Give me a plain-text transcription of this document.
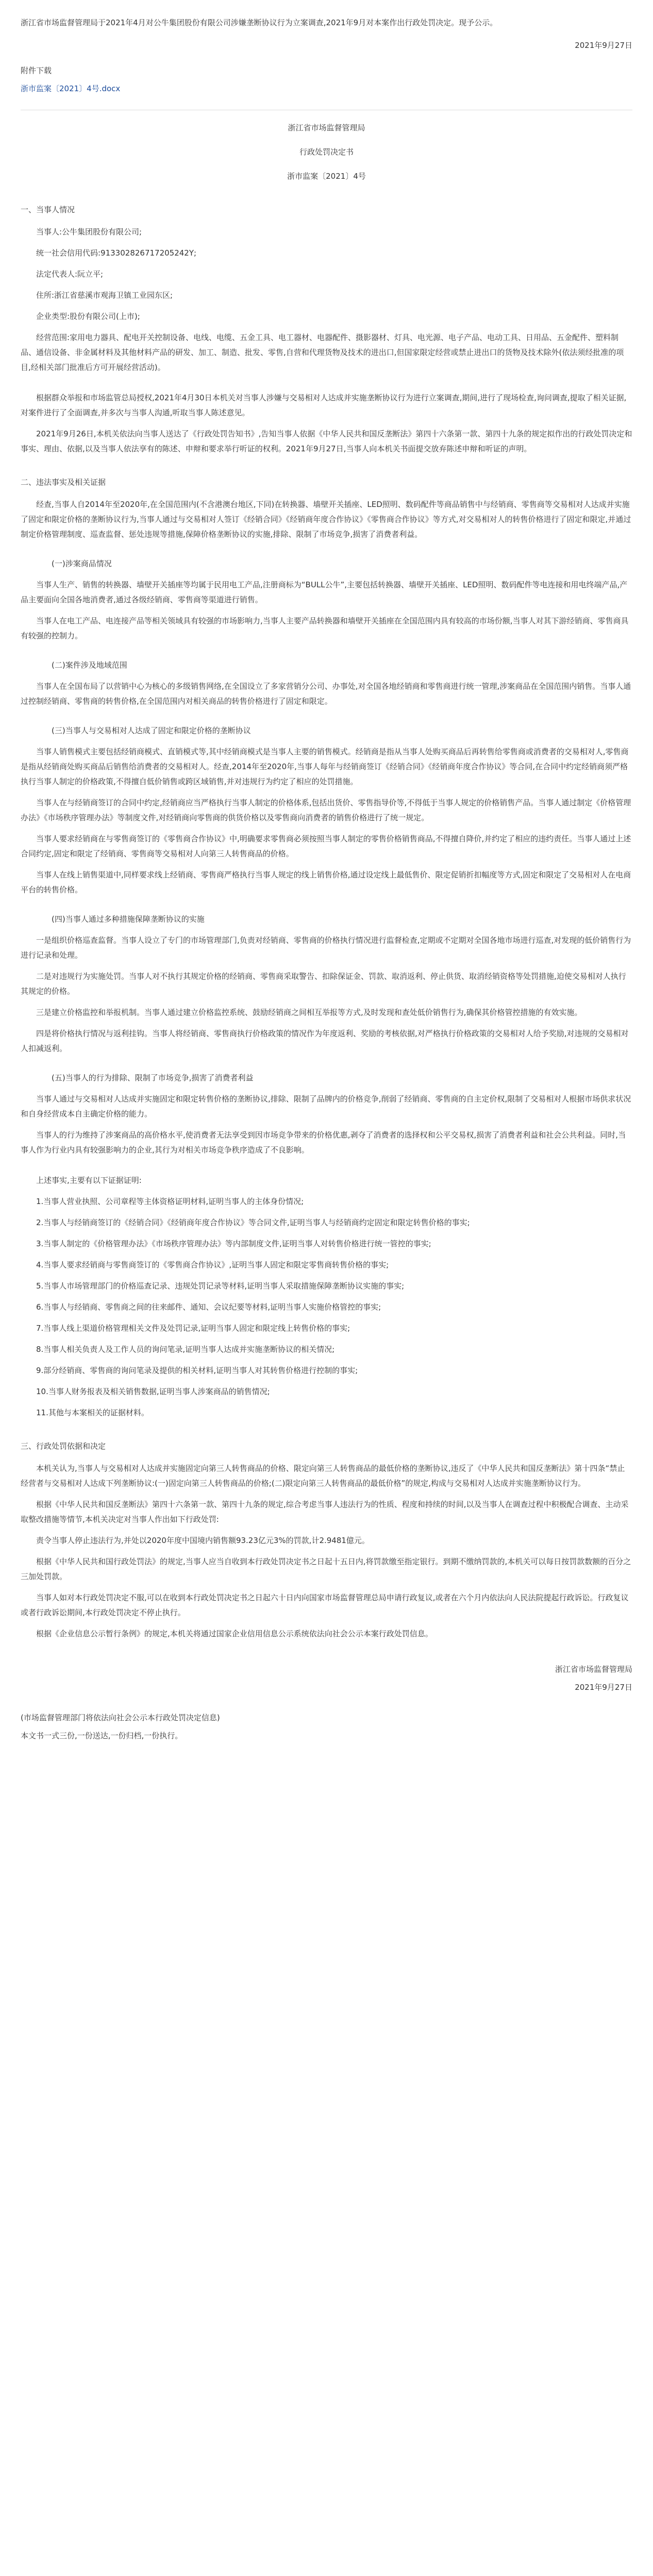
浙江省市场监督管理局于2021年4月对公牛集团股份有限公司涉嫌垄断协议行为立案调查,2021年9月对本案作出行政处罚决定。现予公示。

2021年9月27日
附件下载
浙市监案〔2021〕4号.docx
浙江省市场监督管理局
行政处罚决定书
浙市监案〔2021〕4号
一、当事人情况

当事人:公牛集团股份有限公司;

统一社会信用代码:913302826717205242Y;

法定代表人:阮立平;

住所:浙江省慈溪市观海卫镇工业园东区;

企业类型:股份有限公司(上市);

经营范围:家用电力器具、配电开关控制设备、电线、电缆、五金工具、电工器材、电器配件、摄影器材、灯具、电光源、电子产品、电动工具、日用品、五金配件、塑料制品、通信设备、非金属材料及其他材料产品的研发、加工、制造、批发、零售,自营和代理货物及技术的进出口,但国家限定经营或禁止进出口的货物及技术除外(依法须经批准的项目,经相关部门批准后方可开展经营活动)。

根据群众举报和市场监管总局授权,2021年4月30日本机关对当事人涉嫌与交易相对人达成并实施垄断协议行为进行立案调查,期间,进行了现场检查,询问调查,提取了相关证据,对案件进行了全面调查,并多次与当事人沟通,听取当事人陈述意见。

2021年9月26日,本机关依法向当事人送达了《行政处罚告知书》,告知当事人依据《中华人民共和国反垄断法》第四十六条第一款、第四十九条的规定拟作出的行政处罚决定和事实、理由、依据,以及当事人依法享有的陈述、申辩和要求举行听证的权利。2021年9月27日,当事人向本机关书面提交放弃陈述申辩和听证的声明。

二、违法事实及相关证据

经查,当事人自2014年至2020年,在全国范围内(不含港澳台地区,下同)在转换器、墙壁开关插座、LED照明、数码配件等商品销售中与经销商、零售商等交易相对人达成并实施了固定和限定价格的垄断协议行为,当事人通过与交易相对人签订《经销合同》《经销商年度合作协议》《零售商合作协议》等方式,对交易相对人的转售价格进行了固定和限定,并通过制定价格管理制度、巡查监督、惩处违规等措施,保障价格垄断协议的实施,排除、限制了市场竞争,损害了消费者利益。

(一)涉案商品情况

当事人生产、销售的转换器、墙壁开关插座等均属于民用电工产品,注册商标为“BULL公牛”,主要包括转换器、墙壁开关插座、LED照明、数码配件等电连接和用电终端产品,产品主要面向全国各地消费者,通过各级经销商、零售商等渠道进行销售。

当事人在电工产品、电连接产品等相关领域具有较强的市场影响力,当事人主要产品转换器和墙壁开关插座在全国范围内具有较高的市场份额,当事人对其下游经销商、零售商具有较强的控制力。

(二)案件涉及地域范围

当事人在全国布局了以营销中心为核心的多级销售网络,在全国设立了多家营销分公司、办事处,对全国各地经销商和零售商进行统一管理,涉案商品在全国范围内销售。当事人通过控制经销商、零售商的转售价格,在全国范围内对相关商品的转售价格进行了固定和限定。

(三)当事人与交易相对人达成了固定和限定价格的垄断协议

当事人销售模式主要包括经销商模式、直销模式等,其中经销商模式是当事人主要的销售模式。经销商是指从当事人处购买商品后再转售给零售商或消费者的交易相对人,零售商是指从经销商处购买商品后销售给消费者的交易相对人。经查,2014年至2020年,当事人每年与经销商签订《经销合同》《经销商年度合作协议》等合同,在合同中约定经销商须严格执行当事人制定的价格政策,不得擅自低价销售或跨区域销售,并对违规行为约定了相应的处罚措施。

当事人在与经销商签订的合同中约定,经销商应当严格执行当事人制定的价格体系,包括出货价、零售指导价等,不得低于当事人规定的价格销售产品。当事人通过制定《价格管理办法》《市场秩序管理办法》等制度文件,对经销商向零售商的供货价格以及零售商向消费者的销售价格进行了统一规定。

当事人要求经销商在与零售商签订的《零售商合作协议》中,明确要求零售商必须按照当事人制定的零售价格销售商品,不得擅自降价,并约定了相应的违约责任。当事人通过上述合同约定,固定和限定了经销商、零售商等交易相对人向第三人转售商品的价格。

当事人在线上销售渠道中,同样要求线上经销商、零售商严格执行当事人规定的线上销售价格,通过设定线上最低售价、限定促销折扣幅度等方式,固定和限定了交易相对人在电商平台的转售价格。

(四)当事人通过多种措施保障垄断协议的实施

一是组织价格巡查监督。当事人设立了专门的市场管理部门,负责对经销商、零售商的价格执行情况进行监督检查,定期或不定期对全国各地市场进行巡查,对发现的低价销售行为进行记录和处理。

二是对违规行为实施处罚。当事人对不执行其规定价格的经销商、零售商采取警告、扣除保证金、罚款、取消返利、停止供货、取消经销资格等处罚措施,迫使交易相对人执行其规定的价格。

三是建立价格监控和举报机制。当事人通过建立价格监控系统、鼓励经销商之间相互举报等方式,及时发现和查处低价销售行为,确保其价格管控措施的有效实施。

四是将价格执行情况与返利挂钩。当事人将经销商、零售商执行价格政策的情况作为年度返利、奖励的考核依据,对严格执行价格政策的交易相对人给予奖励,对违规的交易相对人扣减返利。

(五)当事人的行为排除、限制了市场竞争,损害了消费者利益

当事人通过与交易相对人达成并实施固定和限定转售价格的垄断协议,排除、限制了品牌内的价格竞争,削弱了经销商、零售商的自主定价权,限制了交易相对人根据市场供求状况和自身经营成本自主确定价格的能力。

当事人的行为维持了涉案商品的高价格水平,使消费者无法享受到因市场竞争带来的价格优惠,剥夺了消费者的选择权和公平交易权,损害了消费者利益和社会公共利益。同时,当事人作为行业内具有较强影响力的企业,其行为对相关市场竞争秩序造成了不良影响。

上述事实,主要有以下证据证明:

1.当事人营业执照、公司章程等主体资格证明材料,证明当事人的主体身份情况;

2.当事人与经销商签订的《经销合同》《经销商年度合作协议》等合同文件,证明当事人与经销商约定固定和限定转售价格的事实;

3.当事人制定的《价格管理办法》《市场秩序管理办法》等内部制度文件,证明当事人对转售价格进行统一管控的事实;

4.当事人要求经销商与零售商签订的《零售商合作协议》,证明当事人固定和限定零售商转售价格的事实;

5.当事人市场管理部门的价格巡查记录、违规处罚记录等材料,证明当事人采取措施保障垄断协议实施的事实;

6.当事人与经销商、零售商之间的往来邮件、通知、会议纪要等材料,证明当事人实施价格管控的事实;

7.当事人线上渠道价格管理相关文件及处罚记录,证明当事人固定和限定线上转售价格的事实;

8.当事人相关负责人及工作人员的询问笔录,证明当事人达成并实施垄断协议的相关情况;

9.部分经销商、零售商的询问笔录及提供的相关材料,证明当事人对其转售价格进行控制的事实;

10.当事人财务报表及相关销售数据,证明当事人涉案商品的销售情况;

11.其他与本案相关的证据材料。

三、行政处罚依据和决定

本机关认为,当事人与交易相对人达成并实施固定向第三人转售商品的价格、限定向第三人转售商品的最低价格的垄断协议,违反了《中华人民共和国反垄断法》第十四条“禁止经营者与交易相对人达成下列垄断协议:(一)固定向第三人转售商品的价格;(二)限定向第三人转售商品的最低价格”的规定,构成与交易相对人达成并实施垄断协议行为。

根据《中华人民共和国反垄断法》第四十六条第一款、第四十九条的规定,综合考虑当事人违法行为的性质、程度和持续的时间,以及当事人在调查过程中积极配合调查、主动采取整改措施等情节,本机关决定对当事人作出如下行政处罚:

责令当事人停止违法行为,并处以2020年度中国境内销售额93.23亿元3%的罚款,计2.9481億元。

根据《中华人民共和国行政处罚法》的规定,当事人应当自收到本行政处罚决定书之日起十五日内,将罚款缴至指定银行。到期不缴纳罚款的,本机关可以每日按罚款数额的百分之三加处罚款。

当事人如对本行政处罚决定不服,可以在收到本行政处罚决定书之日起六十日内向国家市场监督管理总局申请行政复议,或者在六个月内依法向人民法院提起行政诉讼。行政复议或者行政诉讼期间,本行政处罚决定不停止执行。

根据《企业信息公示暂行条例》的规定,本机关将通过国家企业信用信息公示系统依法向社会公示本案行政处罚信息。

浙江省市场监督管理局
2021年9月27日

(市场监督管理部门将依法向社会公示本行政处罚决定信息)

本文书一式三份,一份送达,一份归档,一份执行。
